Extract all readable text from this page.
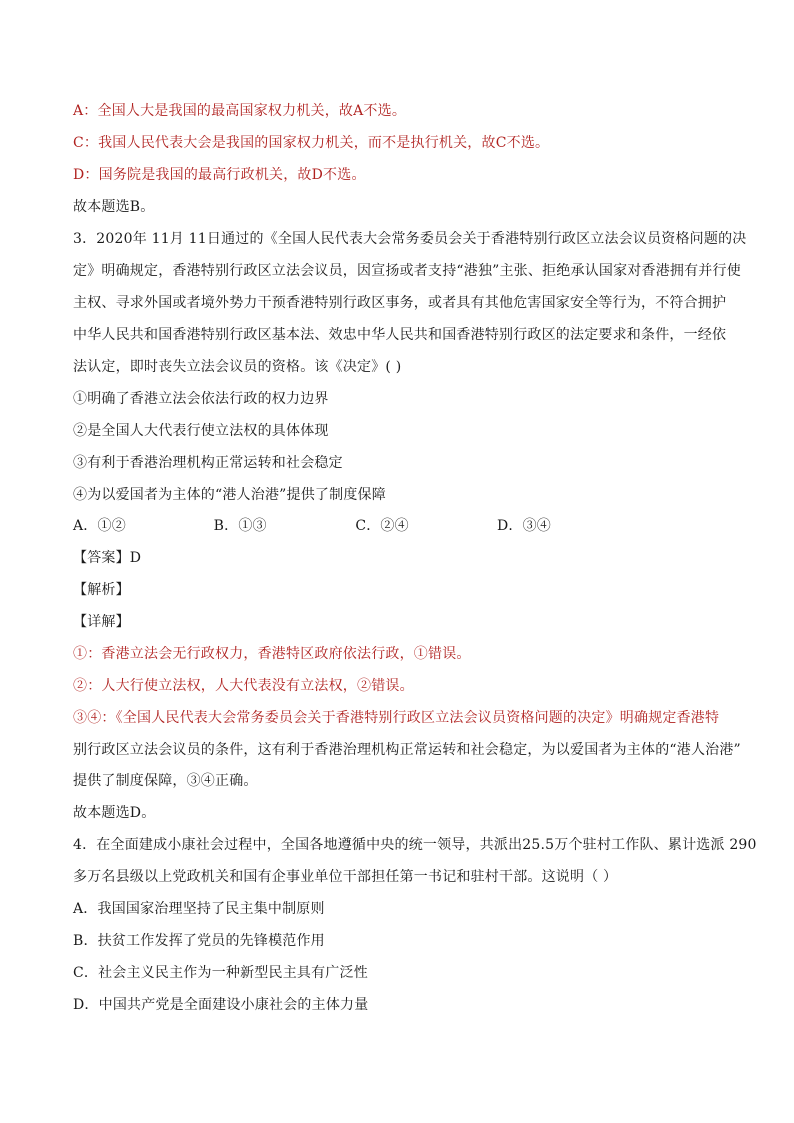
A：全国人大是我国的最高国家权力机关，故A不选。
C：我国人民代表大会是我国的国家权力机关，而不是执行机关，故C不选。
D：国务院是我国的最高行政机关，故D不选。
故本题选B。
3．2020年 11月 11日通过的《全国人民代表大会常务委员会关于香港特别行政区立法会议员资格问题的决
定》明确规定，香港特别行政区立法会议员，因宣扬或者支持“港独”主张、拒绝承认国家对香港拥有并行使
主权、寻求外国或者境外势力干预香港特别行政区事务，或者具有其他危害国家安全等行为，不符合拥护
中华人民共和国香港特别行政区基本法、效忠中华人民共和国香港特别行政区的法定要求和条件，一经依
法认定，即时丧失立法会议员的资格。该《决定》( )
①明确了香港立法会依法行政的权力边界
②是全国人大代表行使立法权的具体体现
③有利于香港治理机构正常运转和社会稳定
④为以爱国者为主体的“港人治港”提供了制度保障
A．①②	B．①③	C．②④	D．③④
【答案】D
【解析】
【详解】
①：香港立法会无行政权力，香港特区政府依法行政，①错误。
②：人大行使立法权，人大代表没有立法权，②错误。
③④：《全国人民代表大会常务委员会关于香港特别行政区立法会议员资格问题的决定》明确规定香港特
别行政区立法会议员的条件，这有利于香港治理机构正常运转和社会稳定，为以爱国者为主体的“港人治港”
提供了制度保障，③④正确。
故本题选D。
4．在全面建成小康社会过程中，全国各地遵循中央的统一领导，共派出25.5万个驻村工作队、累计选派 290
多万名县级以上党政机关和国有企事业单位干部担任第一书记和驻村干部。这说明（ ）
A．我国国家治理坚持了民主集中制原则
B．扶贫工作发挥了党员的先锋模范作用
C．社会主义民主作为一种新型民主具有广泛性
D．中国共产党是全面建设小康社会的主体力量
